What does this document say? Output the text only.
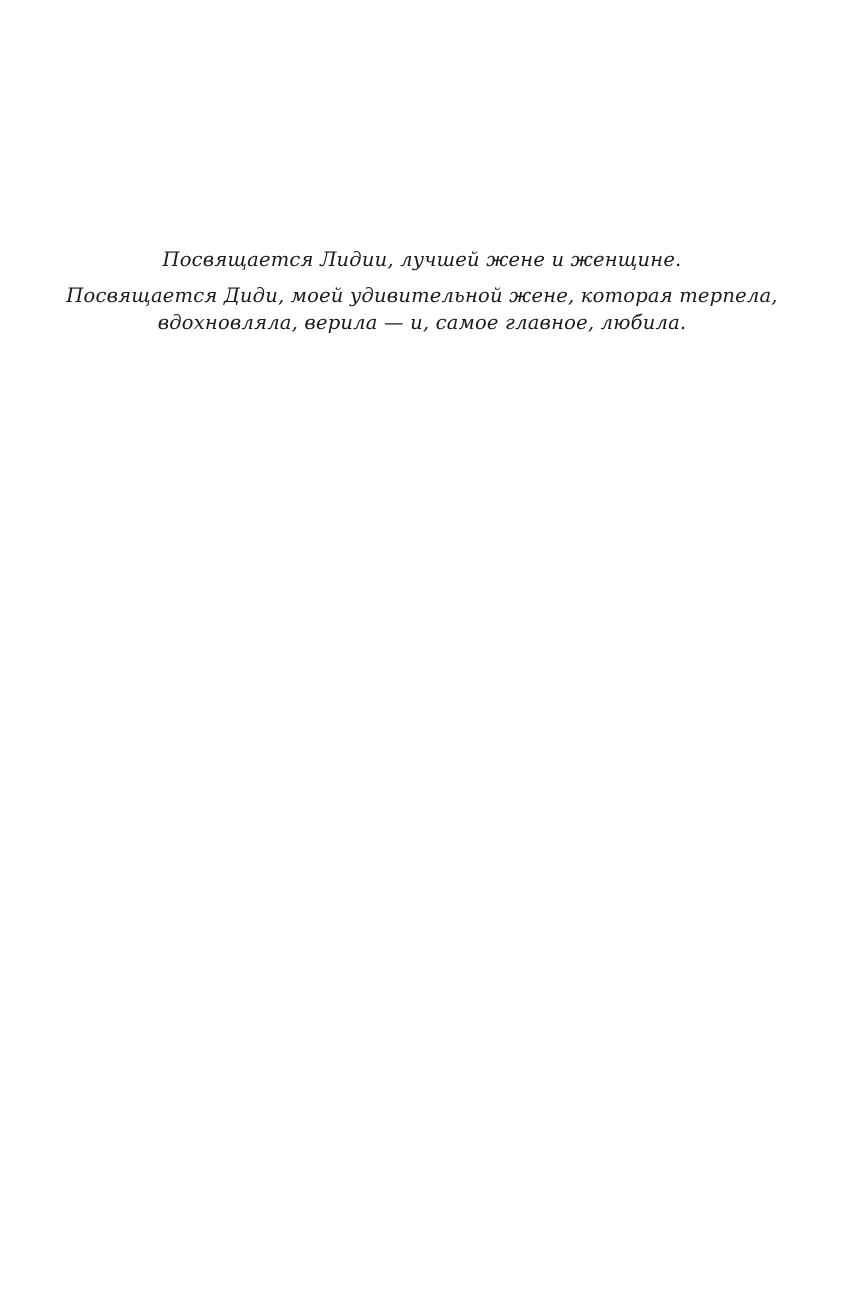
Посвящается Лидии, лучшей жене и женщине.

Посвящается Диди, моей удивительной жене, которая терпела,
вдохновляла, верила — и, самое главное, любила.
